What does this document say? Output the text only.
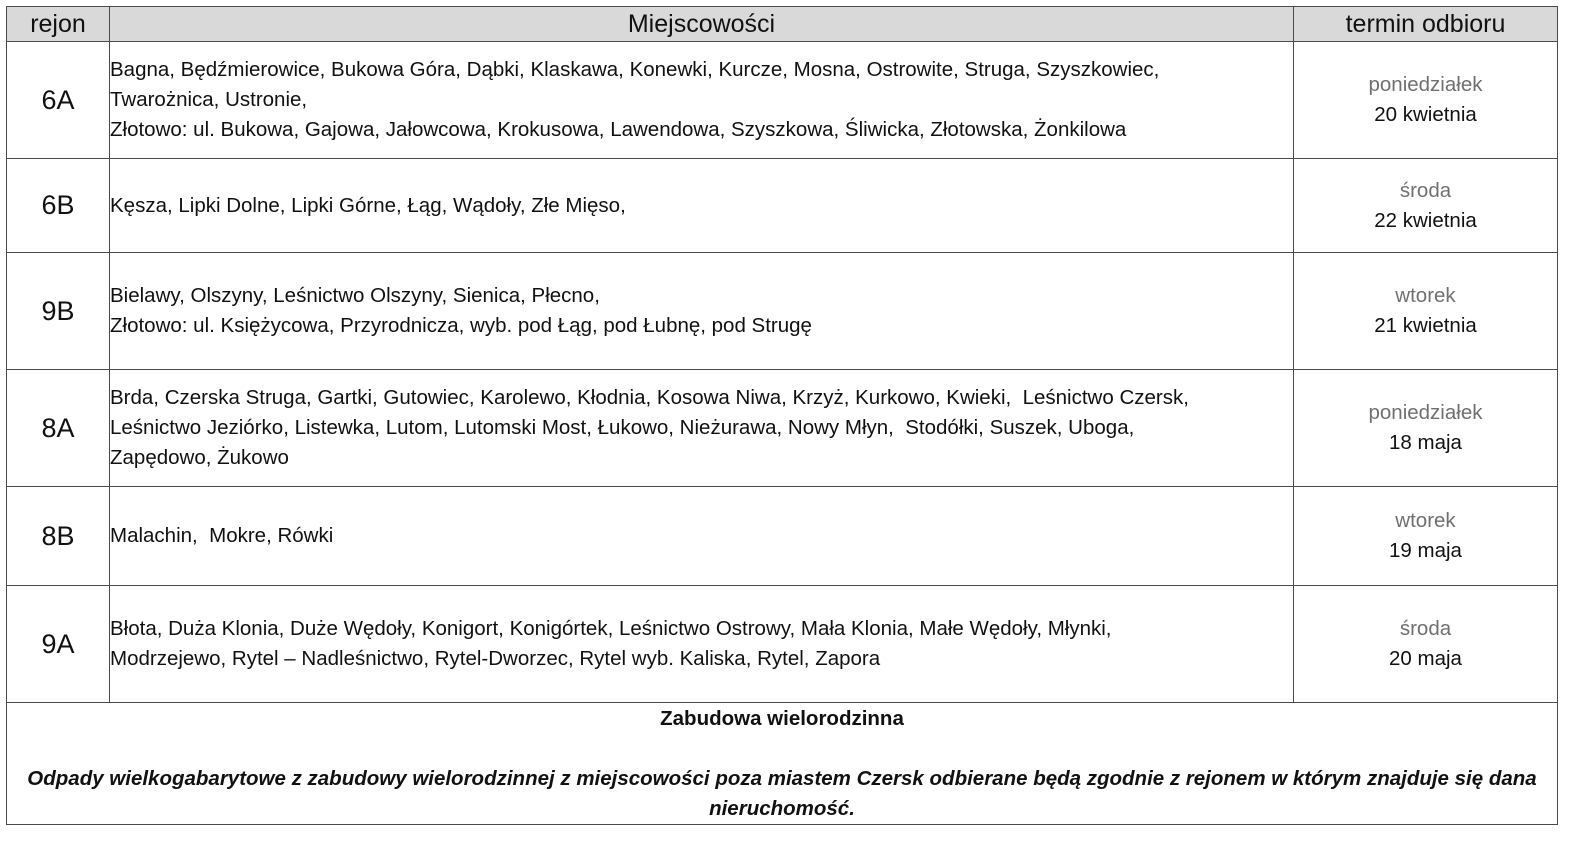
rejon	Miejscowości	termin odbioru
6A	Bagna, Będźmierowice, Bukowa Góra, Dąbki, Klaskawa, Konewki, Kurcze, Mosna, Ostrowite, Struga, Szyszkowiec,
Twarożnica, Ustronie,
Złotowo: ul. Bukowa, Gajowa, Jałowcowa, Krokusowa, Lawendowa, Szyszkowa, Śliwicka, Złotowska, Żonkilowa	poniedziałek
20 kwietnia

6B	Kęsza, Lipki Dolne, Lipki Górne, Łąg, Wądoły, Złe Mięso,	środa
22 kwietnia

9B	Bielawy, Olszyny, Leśnictwo Olszyny, Sienica, Płecno,
Złotowo: ul. Księżycowa, Przyrodnicza, wyb. pod Łąg, pod Łubnę, pod Strugę	wtorek
21 kwietnia

8A	Brda, Czerska Struga, Gartki, Gutowiec, Karolewo, Kłodnia, Kosowa Niwa, Krzyż, Kurkowo, Kwieki,  Leśnictwo Czersk,
Leśnictwo Jeziórko, Listewka, Lutom, Lutomski Most, Łukowo, Nieżurawa, Nowy Młyn,  Stodółki, Suszek, Uboga,
Zapędowo, Żukowo	poniedziałek
18 maja

8B	Malachin,  Mokre, Rówki	wtorek
19 maja

9A	Błota, Duża Klonia, Duże Wędoły, Konigort, Konigórtek, Leśnictwo Ostrowy, Mała Klonia, Małe Wędoły, Młynki,
Modrzejewo, Rytel – Nadleśnictwo, Rytel-Dworzec, Rytel wyb. Kaliska, Rytel, Zapora	środa
20 maja

Zabudowa wielorodzinna
Odpady wielkogabarytowe z zabudowy wielorodzinnej z miejscowości poza miastem Czersk odbierane będą zgodnie z rejonem w którym znajduje się dana nieruchomość.		
